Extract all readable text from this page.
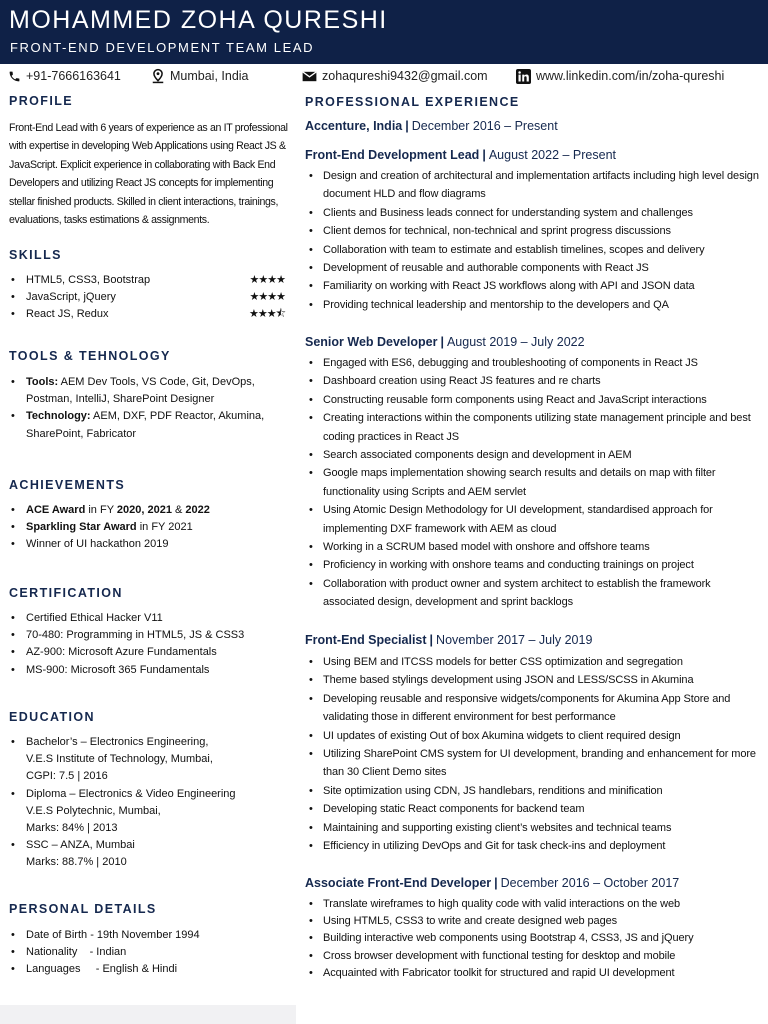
MOHAMMED ZOHA QURESHI
FRONT-END DEVELOPMENT TEAM LEAD
+91-7666163641	Mumbai, India	zohaqureshi9432@gmail.com	www.linkedin.com/in/zoha-qureshi
PROFILE
Front-End Lead with 6 years of experience as an IT professional with expertise in developing Web Applications using React JS & JavaScript. Explicit experience in collaborating with Back End Developers and utilizing React JS concepts for implementing stellar finished products. Skilled in client interactions, trainings, evaluations, tasks estimations & assignments.
SKILLS
• HTML5, CSS3, Bootstrap	★★★★
• JavaScript, jQuery	★★★★
• React JS, Redux	★★★⯪
TOOLS & TEHNOLOGY
• Tools: AEM Dev Tools, VS Code, Git, DevOps, Postman, IntelliJ, SharePoint Designer
• Technology: AEM, DXF, PDF Reactor, Akumina, SharePoint, Fabricator
ACHIEVEMENTS
• ACE Award in FY 2020, 2021 & 2022
• Sparkling Star Award in FY 2021
• Winner of UI hackathon 2019
CERTIFICATION
• Certified Ethical Hacker V11
• 70-480: Programming in HTML5, JS & CSS3
• AZ-900: Microsoft Azure Fundamentals
• MS-900: Microsoft 365 Fundamentals
EDUCATION
• Bachelor’s – Electronics Engineering,
V.E.S Institute of Technology, Mumbai,
CGPI: 7.5 | 2016
• Diploma – Electronics & Video Engineering
V.E.S Polytechnic, Mumbai,
Marks: 84% | 2013
• SSC – ANZA, Mumbai
Marks: 88.7% | 2010
PERSONAL DETAILS
• Date of Birth - 19th November 1994
• Nationality    - Indian
• Languages     - English & Hindi
PROFESSIONAL EXPERIENCE
Accenture, India | December 2016 – Present
Front-End Development Lead | August 2022 – Present
• Design and creation of architectural and implementation artifacts including high level design document HLD and flow diagrams
• Clients and Business leads connect for understanding system and challenges
• Client demos for technical, non-technical and sprint progress discussions
• Collaboration with team to estimate and establish timelines, scopes and delivery
• Development of reusable and authorable components with React JS
• Familiarity on working with React JS workflows along with API and JSON data
• Providing technical leadership and mentorship to the developers and QA
Senior Web Developer | August 2019 – July 2022
• Engaged with ES6, debugging and troubleshooting of components in React JS
• Dashboard creation using React JS features and re charts
• Constructing reusable form components using React and JavaScript interactions
• Creating interactions within the components utilizing state management principle and best coding practices in React JS
• Search associated components design and development in AEM
• Google maps implementation showing search results and details on map with filter functionality using Scripts and AEM servlet
• Using Atomic Design Methodology for UI development, standardised approach for implementing DXF framework with AEM as cloud
• Working in a SCRUM based model with onshore and offshore teams
• Proficiency in working with onshore teams and conducting trainings on project
• Collaboration with product owner and system architect to establish the framework associated design, development and sprint backlogs
Front-End Specialist | November 2017 – July 2019
• Using BEM and ITCSS models for better CSS optimization and segregation
• Theme based stylings development using JSON and LESS/SCSS in Akumina
• Developing reusable and responsive widgets/components for Akumina App Store and validating those in different environment for best performance
• UI updates of existing Out of box Akumina widgets to client required design
• Utilizing SharePoint CMS system for UI development, branding and enhancement for more than 30 Client Demo sites
• Site optimization using CDN, JS handlebars, renditions and minification
• Developing static React components for backend team
• Maintaining and supporting existing client’s websites and technical teams
• Efficiency in utilizing DevOps and Git for task check-ins and deployment
Associate Front-End Developer | December 2016 – October 2017
• Translate wireframes to high quality code with valid interactions on the web
• Using HTML5, CSS3 to write and create designed web pages
• Building interactive web components using Bootstrap 4, CSS3, JS and jQuery
• Cross browser development with functional testing for desktop and mobile
• Acquainted with Fabricator toolkit for structured and rapid UI development
